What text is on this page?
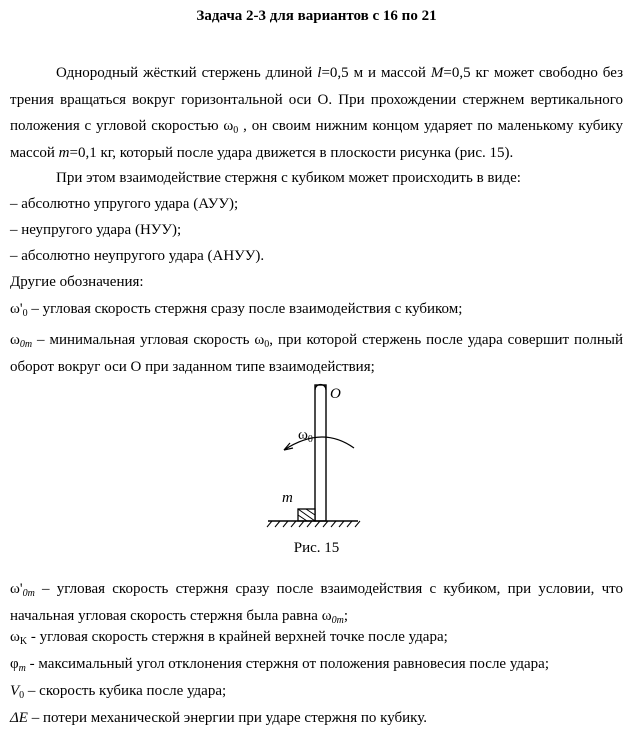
Задача 2-3 для вариантов с 16 по 21
Однородный жёсткий стержень длиной l=0,5 м и массой M=0,5 кг может свободно без трения вращаться вокруг горизонтальной оси О. При прохождении стержнем вертикального положения с угловой скоростью $\omega_0$ , он своим нижним концом ударяет по маленькому кубику массой m=0,1 кг, который после удара движется в плоскости рисунка (рис. 15).
При этом взаимодействие стержня с кубиком может происходить в виде:
– абсолютно упругого удара (АУУ);
– неупругого удара (НУУ);
– абсолютно неупругого удара (АНУУ).
Другие обозначения:
$\omega'_0$ – угловая скорость стержня сразу после взаимодействия с кубиком;
$\omega_{0m}$ – минимальная угловая скорость $\omega_0$, при которой стержень после удара совершит полный оборот вокруг оси О при заданном типе взаимодействия;
O
$\omega_0$
m
Рис. 15
$\omega'_{0m}$ – угловая скорость стержня сразу после взаимодействия с кубиком, при условии, что начальная угловая скорость стержня была равна $\omega_{0m}$;
$\omega_K$ - угловая скорость стержня в крайней верхней точке после удара;
$\varphi_m$ - максимальный угол отклонения стержня от положения равновесия после удара;
$V_0$ – скорость кубика после удара;
ΔE – потери механической энергии при ударе стержня по кубику.
